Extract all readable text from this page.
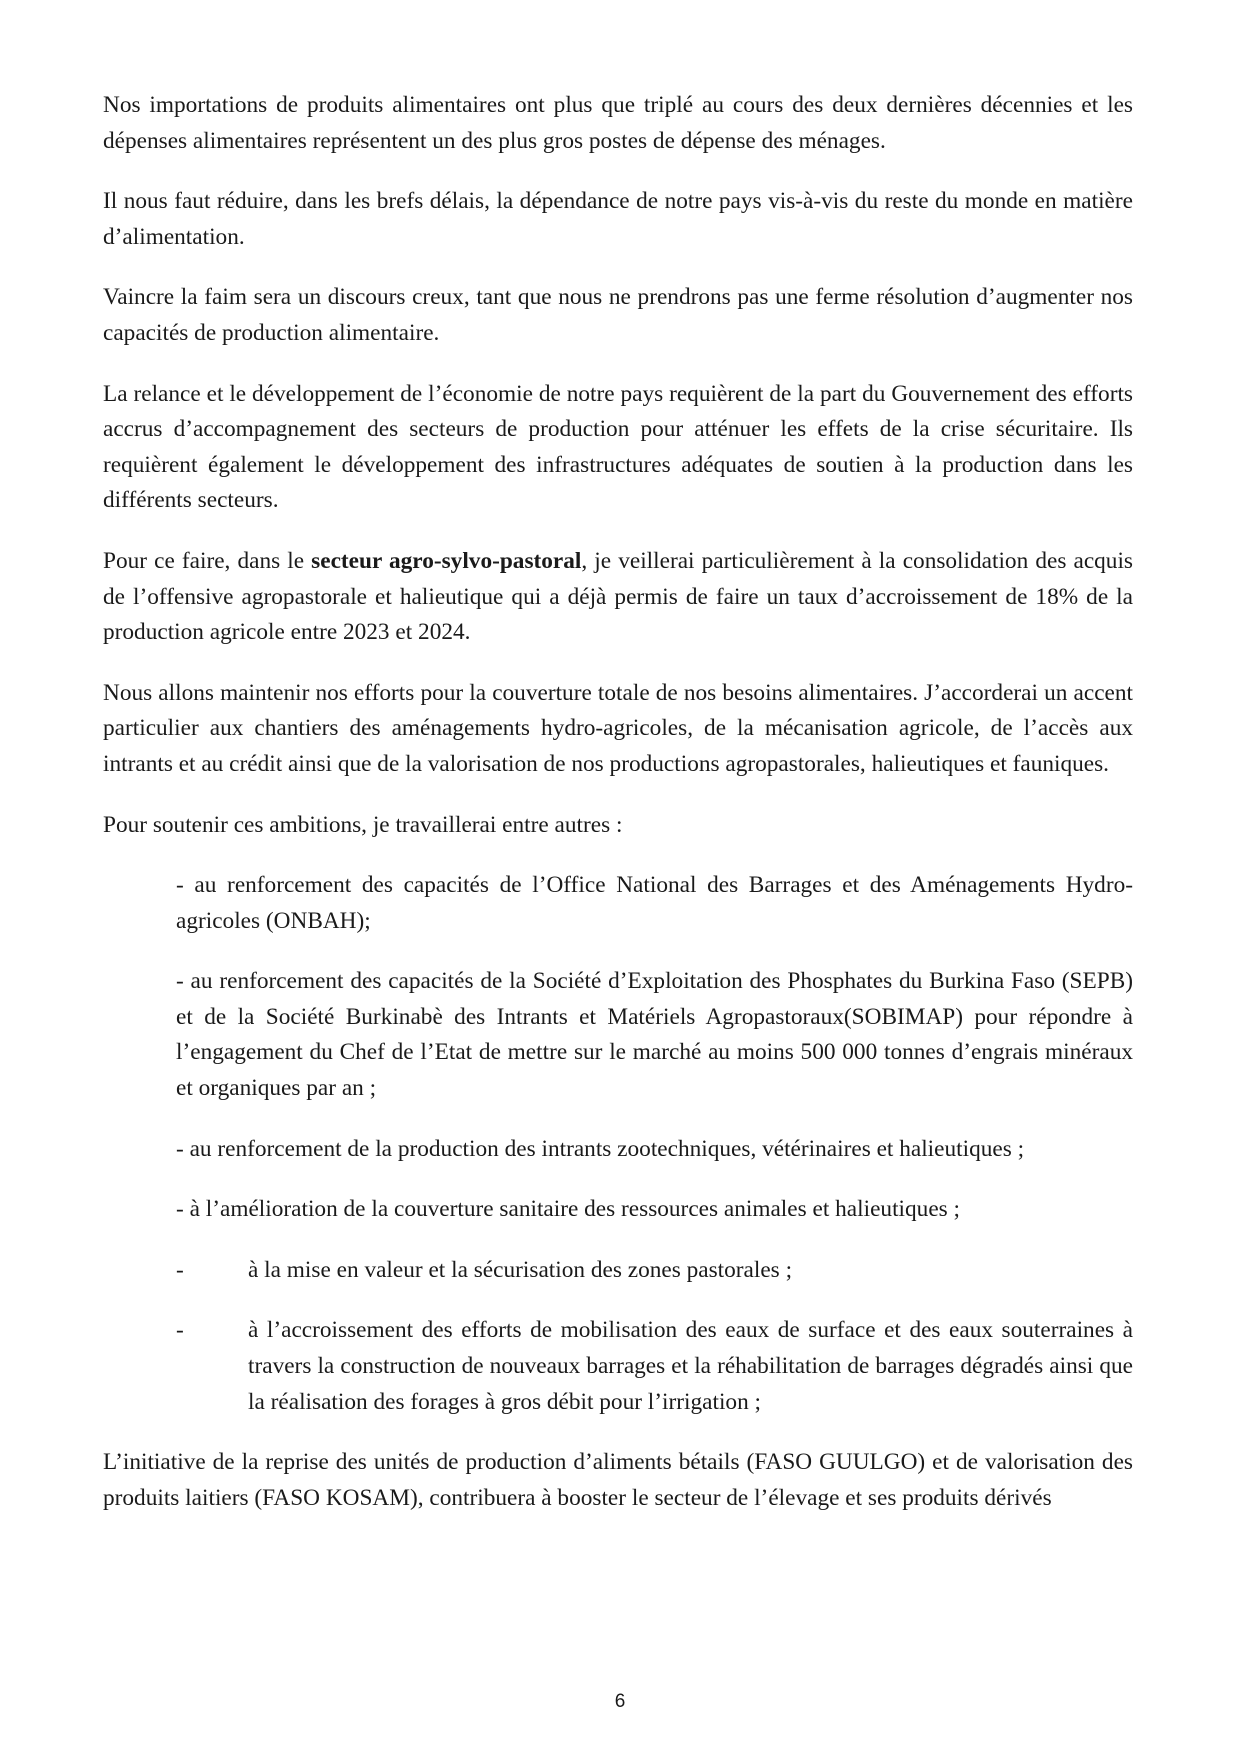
Nos importations de produits alimentaires ont plus que triplé au cours des deux dernières décennies et les dépenses alimentaires représentent un des plus gros postes de dépense des ménages.

Il nous faut réduire, dans les brefs délais, la dépendance de notre pays vis-à-vis du reste du monde en matière d’alimentation.

Vaincre la faim sera un discours creux, tant que nous ne prendrons pas une ferme résolution d’augmenter nos capacités de production alimentaire.

La relance et le développement de l’économie de notre pays requièrent de la part du Gouvernement des efforts accrus d’accompagnement des secteurs de production pour atténuer les effets de la crise sécuritaire. Ils requièrent également le développement des infrastructures adéquates de soutien à la production dans les différents secteurs.

Pour ce faire, dans le secteur agro-sylvo-pastoral, je veillerai particulièrement à la consolidation des acquis de l’offensive agropastorale et halieutique qui a déjà permis de faire un taux d’accroissement de 18% de la production agricole entre 2023 et 2024.

Nous allons maintenir nos efforts pour la couverture totale de nos besoins alimentaires. J’accorderai un accent particulier aux chantiers des aménagements hydro-agricoles, de la mécanisation agricole, de l’accès aux intrants et au crédit ainsi que de la valorisation de nos productions agropastorales, halieutiques et fauniques.

Pour soutenir ces ambitions, je travaillerai entre autres :

- au renforcement des capacités de l’Office National des Barrages et des Aménagements Hydro-agricoles (ONBAH);
- au renforcement des capacités de la Société d’Exploitation des Phosphates du Burkina Faso (SEPB) et de la Société Burkinabè des Intrants et Matériels Agropastoraux(SOBIMAP) pour répondre à l’engagement du Chef de l’Etat de mettre sur le marché au moins 500 000 tonnes d’engrais minéraux et organiques par an ;
- au renforcement de la production des intrants zootechniques, vétérinaires et halieutiques ;
- à l’amélioration de la couverture sanitaire des ressources animales et halieutiques ;
-	à la mise en valeur et la sécurisation des zones pastorales ;
-	à l’accroissement des efforts de mobilisation des eaux de surface et des eaux souterraines à travers la construction de nouveaux barrages et la réhabilitation de barrages dégradés ainsi que la réalisation des forages à gros débit pour l’irrigation ;

L’initiative de la reprise des unités de production d’aliments bétails (FASO GUULGO) et de valorisation des produits laitiers (FASO KOSAM), contribuera à booster le secteur de l’élevage et ses produits dérivés

6
